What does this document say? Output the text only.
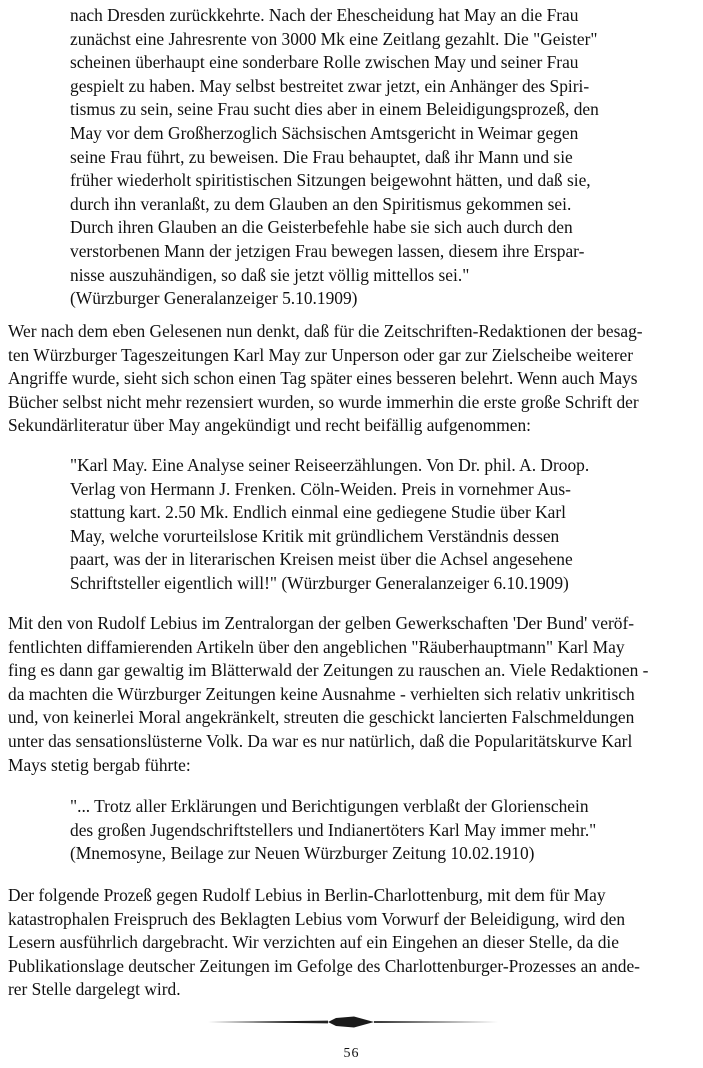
nach Dresden zurückkehrte. Nach der Ehescheidung hat May an die Frau
zunächst eine Jahresrente von 3000 Mk eine Zeitlang gezahlt. Die "Geister"
scheinen überhaupt eine sonderbare Rolle zwischen May und seiner Frau
gespielt zu haben. May selbst bestreitet zwar jetzt, ein Anhänger des Spiri-
tismus zu sein, seine Frau sucht dies aber in einem Beleidigungsprozeß, den
May vor dem Großherzoglich Sächsischen Amtsgericht in Weimar gegen
seine Frau führt, zu beweisen. Die Frau behauptet, daß ihr Mann und sie
früher wiederholt spiritistischen Sitzungen beigewohnt hätten, und daß sie,
durch ihn veranlaßt, zu dem Glauben an den Spiritismus gekommen sei.
Durch ihren Glauben an die Geisterbefehle habe sie sich auch durch den
verstorbenen Mann der jetzigen Frau bewegen lassen, diesem ihre Erspar-
nisse auszuhändigen, so daß sie jetzt völlig mittellos sei."
(Würzburger Generalanzeiger 5.10.1909)
Wer nach dem eben Gelesenen nun denkt, daß für die Zeitschriften-Redaktionen der besag-
ten Würzburger Tageszeitungen Karl May zur Unperson oder gar zur Zielscheibe weiterer
Angriffe wurde, sieht sich schon einen Tag später eines besseren belehrt. Wenn auch Mays
Bücher selbst nicht mehr rezensiert wurden, so wurde immerhin die erste große Schrift der
Sekundärliteratur über May angekündigt und recht beifällig aufgenommen:
"Karl May. Eine Analyse seiner Reiseerzählungen. Von Dr. phil. A. Droop.
Verlag von Hermann J. Frenken. Cöln-Weiden. Preis in vornehmer Aus-
stattung kart. 2.50 Mk. Endlich einmal eine gediegene Studie über Karl
May, welche vorurteilslose Kritik mit gründlichem Verständnis dessen
paart, was der in literarischen Kreisen meist über die Achsel angesehene
Schriftsteller eigentlich will!" (Würzburger Generalanzeiger 6.10.1909)
Mit den von Rudolf Lebius im Zentralorgan der gelben Gewerkschaften 'Der Bund' veröf-
fentlichten diffamierenden Artikeln über den angeblichen "Räuberhauptmann" Karl May
fing es dann gar gewaltig im Blätterwald der Zeitungen zu rauschen an. Viele Redaktionen -
da machten die Würzburger Zeitungen keine Ausnahme - verhielten sich relativ unkritisch
und, von keinerlei Moral angekränkelt, streuten die geschickt lancierten Falschmeldungen
unter das sensationslüsterne Volk. Da war es nur natürlich, daß die Popularitätskurve Karl
Mays stetig bergab führte:
"... Trotz aller Erklärungen und Berichtigungen verblaßt der Glorienschein
des großen Jugendschriftstellers und Indianertöters Karl May immer mehr."
(Mnemosyne, Beilage zur Neuen Würzburger Zeitung 10.02.1910)
Der folgende Prozeß gegen Rudolf Lebius in Berlin-Charlottenburg, mit dem für May
katastrophalen Freispruch des Beklagten Lebius vom Vorwurf der Beleidigung, wird den
Lesern ausführlich dargebracht. Wir verzichten auf ein Eingehen an dieser Stelle, da die
Publikationslage deutscher Zeitungen im Gefolge des Charlottenburger-Prozesses an ande-
rer Stelle dargelegt wird.
56
